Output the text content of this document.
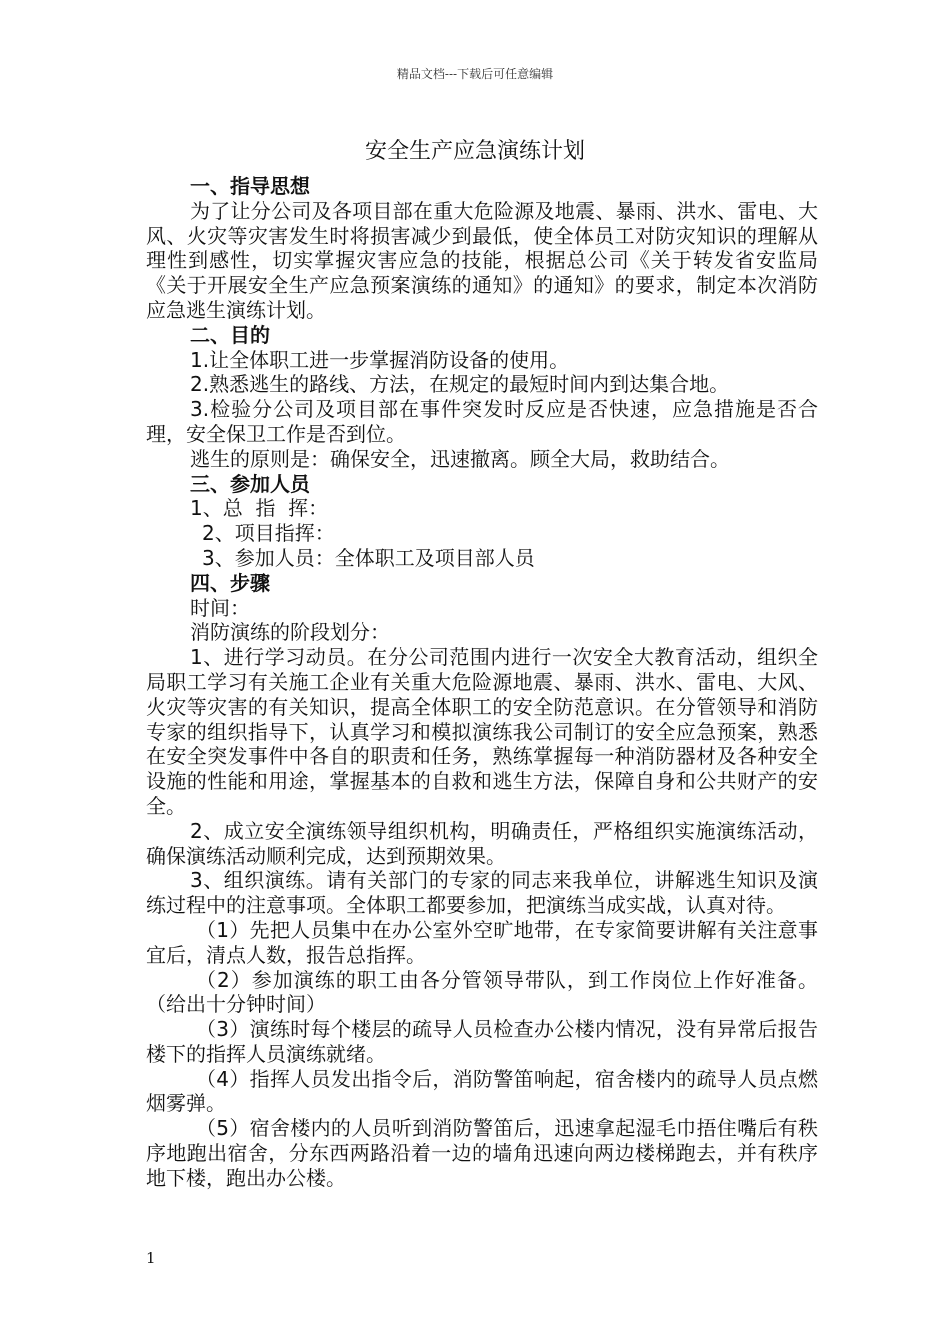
精品文档---下载后可任意编辑
安全生产应急演练计划

一、指导思想

为了让分公司及各项目部在重大危险源及地震、暴雨、洪水、雷电、大风、火灾等灾害发生时将损害减少到最低，使全体员工对防灾知识的理解从理性到感性，切实掌握灾害应急的技能，根据总公司《关于转发省安监局《关于开展安全生产应急预案演练的通知》的通知》的要求，制定本次消防应急逃生演练计划。

二、目的

1.让全体职工进一步掌握消防设备的使用。

2.熟悉逃生的路线、方法，在规定的最短时间内到达集合地。

3.检验分公司及项目部在事件突发时反应是否快速，应急措施是否合理，安全保卫工作是否到位。

逃生的原则是：确保安全，迅速撤离。顾全大局，救助结合。

三、参加人员

1、总  指  挥：

2、项目指挥：

3、参加人员：全体职工及项目部人员

四、步骤

时间：

消防演练的阶段划分：

1、进行学习动员。在分公司范围内进行一次安全大教育活动，组织全局职工学习有关施工企业有关重大危险源地震、暴雨、洪水、雷电、大风、火灾等灾害的有关知识，提高全体职工的安全防范意识。在分管领导和消防专家的组织指导下，认真学习和模拟演练我公司制订的安全应急预案，熟悉在安全突发事件中各自的职责和任务，熟练掌握每一种消防器材及各种安全设施的性能和用途，掌握基本的自救和逃生方法，保障自身和公共财产的安全。

2、成立安全演练领导组织机构，明确责任，严格组织实施演练活动，确保演练活动顺利完成，达到预期效果。

3、组织演练。请有关部门的专家的同志来我单位，讲解逃生知识及演练过程中的注意事项。全体职工都要参加，把演练当成实战，认真对待。

（1）先把人员集中在办公室外空旷地带，在专家简要讲解有关注意事宜后，清点人数，报告总指挥。

（2）参加演练的职工由各分管领导带队，到工作岗位上作好准备。（给出十分钟时间）

（3）演练时每个楼层的疏导人员检查办公楼内情况，没有异常后报告楼下的指挥人员演练就绪。

（4）指挥人员发出指令后，消防警笛响起，宿舍楼内的疏导人员点燃烟雾弹。

（5）宿舍楼内的人员听到消防警笛后，迅速拿起湿毛巾捂住嘴后有秩序地跑出宿舍，分东西两路沿着一边的墙角迅速向两边楼梯跑去，并有秩序地下楼，跑出办公楼。

1
